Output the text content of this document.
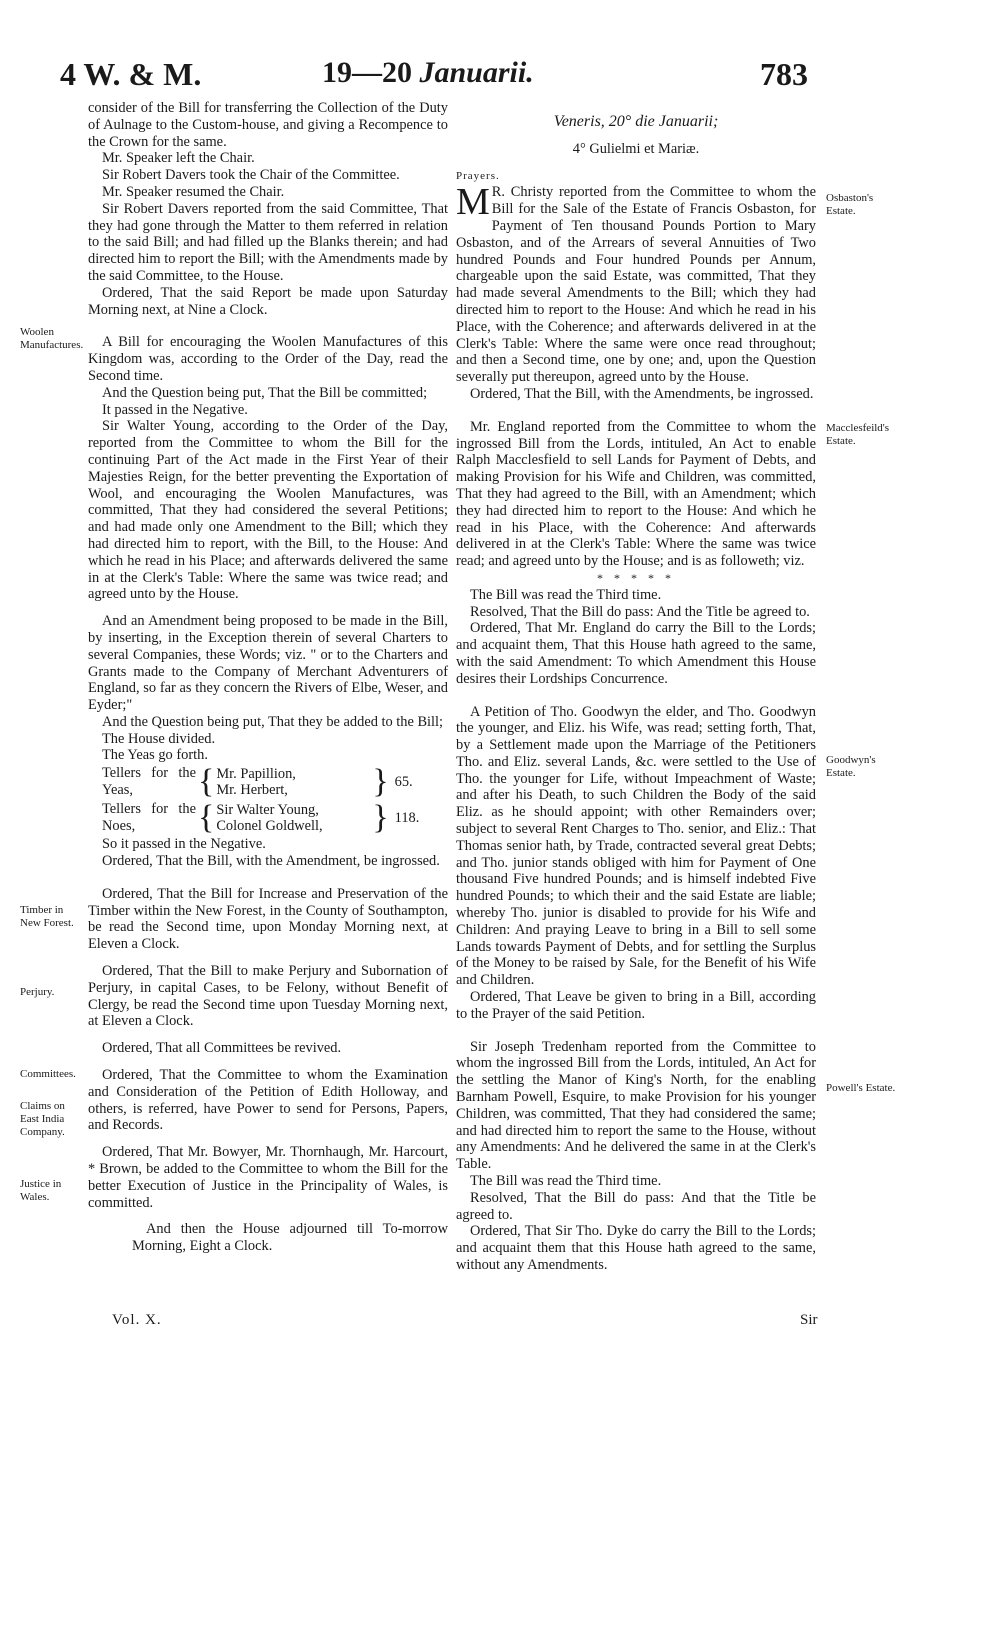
4 W. & M.	19—20 Januarii.	783

consider of the Bill for transferring the Collection of the Duty of Aulnage to the Custom-house, and giving a Recompence to the Crown for the same.

Mr. Speaker left the Chair.

Sir Robert Davers took the Chair of the Committee.

Mr. Speaker resumed the Chair.

Sir Robert Davers reported from the said Committee, That they had gone through the Matter to them referred in relation to the said Bill; and had filled up the Blanks therein; and had directed him to report the Bill; with the Amendments made by the said Committee, to the House.

Ordered, That the said Report be made upon Saturday Morning next, at Nine a Clock.

A Bill for encouraging the Woolen Manufactures of this Kingdom was, according to the Order of the Day, read the Second time.

And the Question being put, That the Bill be committed;

It passed in the Negative.

Sir Walter Young, according to the Order of the Day, reported from the Committee to whom the Bill for the continuing Part of the Act made in the First Year of their Majesties Reign, for the better preventing the Exportation of Wool, and encouraging the Woolen Manufactures, was committed, That they had considered the several Petitions; and had made only one Amendment to the Bill; which they had directed him to report, with the Bill, to the House: And which he read in his Place; and afterwards delivered the same in at the Clerk's Table: Where the same was twice read; and agreed unto by the House.

And an Amendment being proposed to be made in the Bill, by inserting, in the Exception therein of several Charters to several Companies, these Words; viz. " or to the Charters and Grants made to the Company of Merchant Adventurers of England, so far as they concern the Rivers of Elbe, Weser, and Eyder;"

And the Question being put, That they be added to the Bill;

The House divided.

The Yeas go forth.

Tellers for the Yeas,	{ Mr. Papillion,
Mr. Herbert,	} 65.
Tellers for the Noes,	{ Sir Walter Young,
Colonel Goldwell,	} 118.

So it passed in the Negative.

Ordered, That the Bill, with the Amendment, be ingrossed.

Ordered, That the Bill for Increase and Preservation of the Timber within the New Forest, in the County of Southampton, be read the Second time, upon Monday Morning next, at Eleven a Clock.

Ordered, That the Bill to make Perjury and Subornation of Perjury, in capital Cases, to be Felony, without Benefit of Clergy, be read the Second time upon Tuesday Morning next, at Eleven a Clock.

Ordered, That all Committees be revived.

Ordered, That the Committee to whom the Examination and Consideration of the Petition of Edith Holloway, and others, is referred, have Power to send for Persons, Papers, and Records.

Ordered, That Mr. Bowyer, Mr. Thornhaugh, Mr. Harcourt, * Brown, be added to the Committee to whom the Bill for the better Execution of Justice in the Principality of Wales, is committed.

And then the House adjourned till To-morrow Morning, Eight a Clock.

Veneris, 20° die Januarii;

4° Gulielmi et Mariæ.

Prayers.

M R. Christy reported from the Committee to whom the Bill for the Sale of the Estate of Francis Osbaston, for Payment of Ten thousand Pounds Portion to Mary Osbaston, and of the Arrears of several Annuities of Two hundred Pounds and Four hundred Pounds per Annum, chargeable upon the said Estate, was committed, That they had made several Amendments to the Bill; which they had directed him to report to the House: And which he read in his Place, with the Coherence; and afterwards delivered in at the Clerk's Table: Where the same were once read throughout; and then a Second time, one by one; and, upon the Question severally put thereupon, agreed unto by the House.

Ordered, That the Bill, with the Amendments, be ingrossed.

Mr. England reported from the Committee to whom the ingrossed Bill from the Lords, intituled, An Act to enable Ralph Macclesfield to sell Lands for Payment of Debts, and making Provision for his Wife and Children, was committed, That they had agreed to the Bill, with an Amendment; which they had directed him to report to the House: And which he read in his Place, with the Coherence: And afterwards delivered in at the Clerk's Table: Where the same was twice read; and agreed unto by the House; and is as followeth; viz.

* * * * *

The Bill was read the Third time.

Resolved, That the Bill do pass: And the Title be agreed to.

Ordered, That Mr. England do carry the Bill to the Lords; and acquaint them, That this House hath agreed to the same, with the said Amendment: To which Amendment this House desires their Lordships Concurrence.

A Petition of Tho. Goodwyn the elder, and Tho. Goodwyn the younger, and Eliz. his Wife, was read; setting forth, That, by a Settlement made upon the Marriage of the Petitioners Tho. and Eliz. several Lands, &c. were settled to the Use of Tho. the younger for Life, without Impeachment of Waste; and after his Death, to such Children the Body of the said Eliz. as he should appoint; with other Remainders over; subject to several Rent Charges to Tho. senior, and Eliz.: That Thomas senior hath, by Trade, contracted several great Debts; and Tho. junior stands obliged with him for Payment of One thousand Five hundred Pounds; and is himself indebted Five hundred Pounds; to which their and the said Estate are liable; whereby Tho. junior is disabled to provide for his Wife and Children: And praying Leave to bring in a Bill to sell some Lands towards Payment of Debts, and for settling the Surplus of the Money to be raised by Sale, for the Benefit of his Wife and Children.

Ordered, That Leave be given to bring in a Bill, according to the Prayer of the said Petition.

Sir Joseph Tredenham reported from the Committee to whom the ingrossed Bill from the Lords, intituled, An Act for the settling the Manor of King's North, for the enabling Barnham Powell, Esquire, to make Provision for his younger Children, was committed, That they had considered the same; and had directed him to report the same to the House, without any Amendments: And he delivered the same in at the Clerk's Table.

The Bill was read the Third time.

Resolved, That the Bill do pass: And that the Title be agreed to.

Ordered, That Sir Tho. Dyke do carry the Bill to the Lords; and acquaint them that this House hath agreed to the same, without any Amendments.

Woolen Manufactures.
Timber in New Forest.
Perjury.
Committees.
Claims on East India Company.
Justice in Wales.
Osbaston's Estate.
Macclesfeild's Estate.
Goodwyn's Estate.
Powell's Estate.
Vol. X.	Sir
